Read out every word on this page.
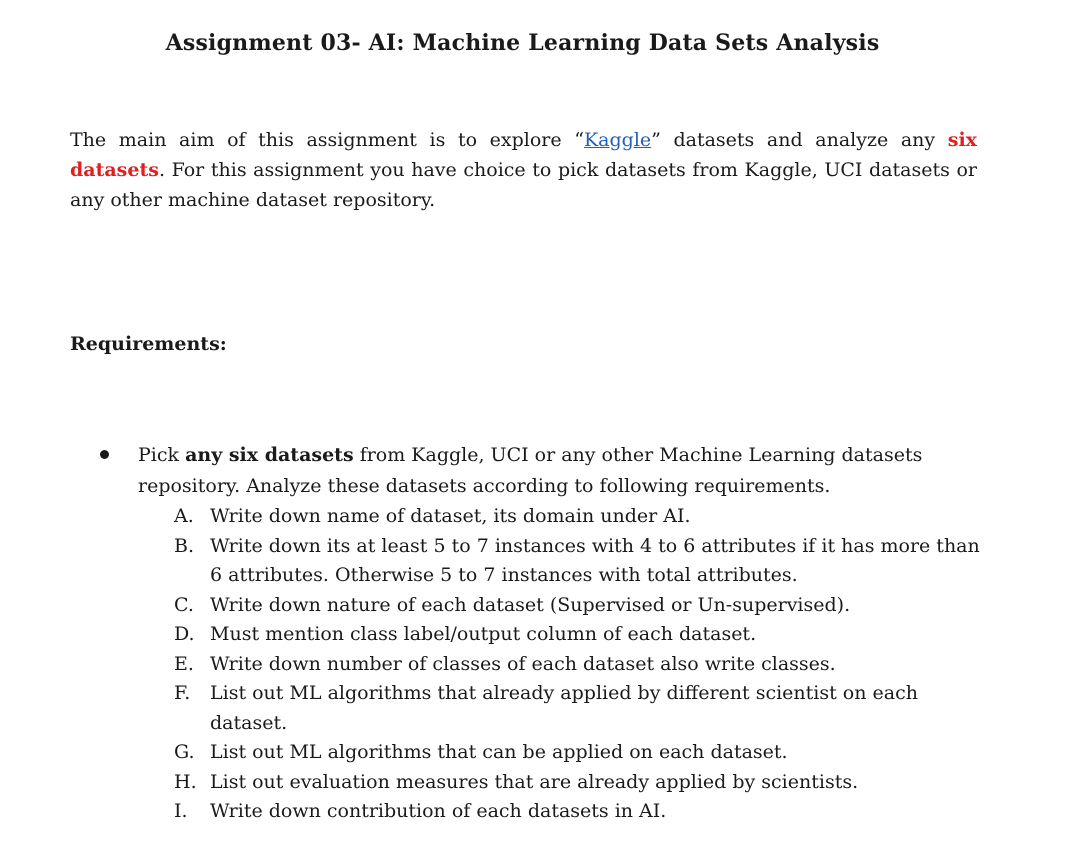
Assignment 03- AI: Machine Learning Data Sets Analysis
The main aim of this assignment is to explore “Kaggle” datasets and analyze any six datasets. For this assignment you have choice to pick datasets from Kaggle, UCI datasets or any other machine dataset repository.
Requirements:
Pick any six datasets from Kaggle, UCI or any other Machine Learning datasets repository. Analyze these datasets according to following requirements.
A. Write down name of dataset, its domain under AI.
B. Write down its at least 5 to 7 instances with 4 to 6 attributes if it has more than 6 attributes. Otherwise 5 to 7 instances with total attributes.
C. Write down nature of each dataset (Supervised or Un-supervised).
D. Must mention class label/output column of each dataset.
E. Write down number of classes of each dataset also write classes.
F. List out ML algorithms that already applied by different scientist on each dataset.
G. List out ML algorithms that can be applied on each dataset.
H. List out evaluation measures that are already applied by scientists.
I. Write down contribution of each datasets in AI.
